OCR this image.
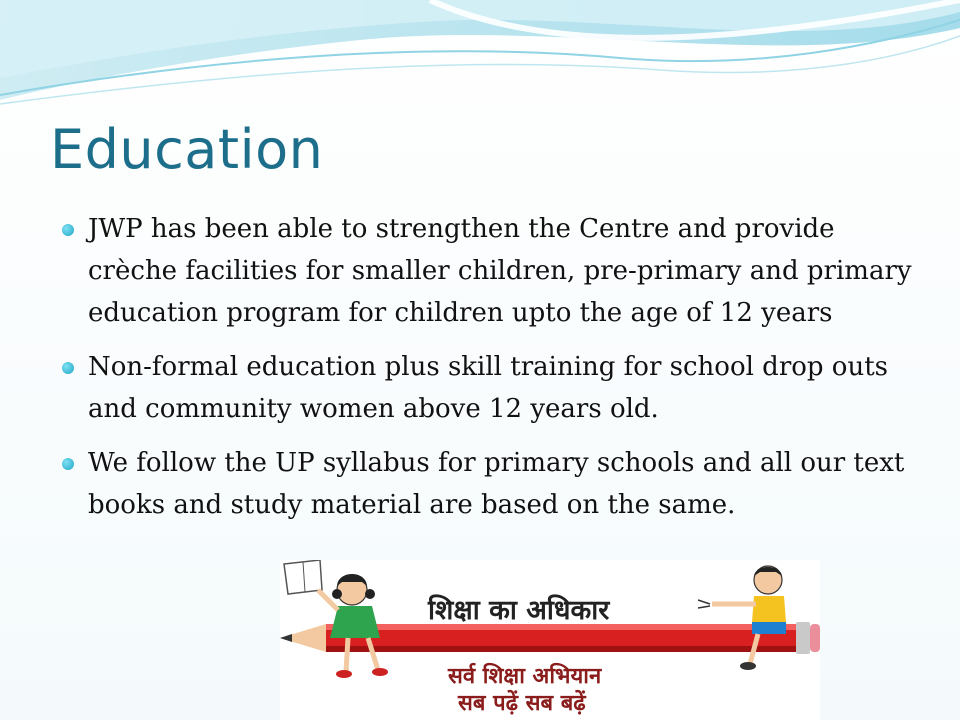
Education
JWP has been able to strengthen the Centre and provide crèche facilities for smaller children, pre-primary and primary education program for children upto the age of 12 years
Non-formal education plus skill training for school drop outs and community women above 12 years old.
We follow the UP syllabus for primary schools and all our text books and study material are based on the same.
शिक्षा का अधिकार
सर्व शिक्षा अभियान
सब पढ़ें सब बढ़ें
